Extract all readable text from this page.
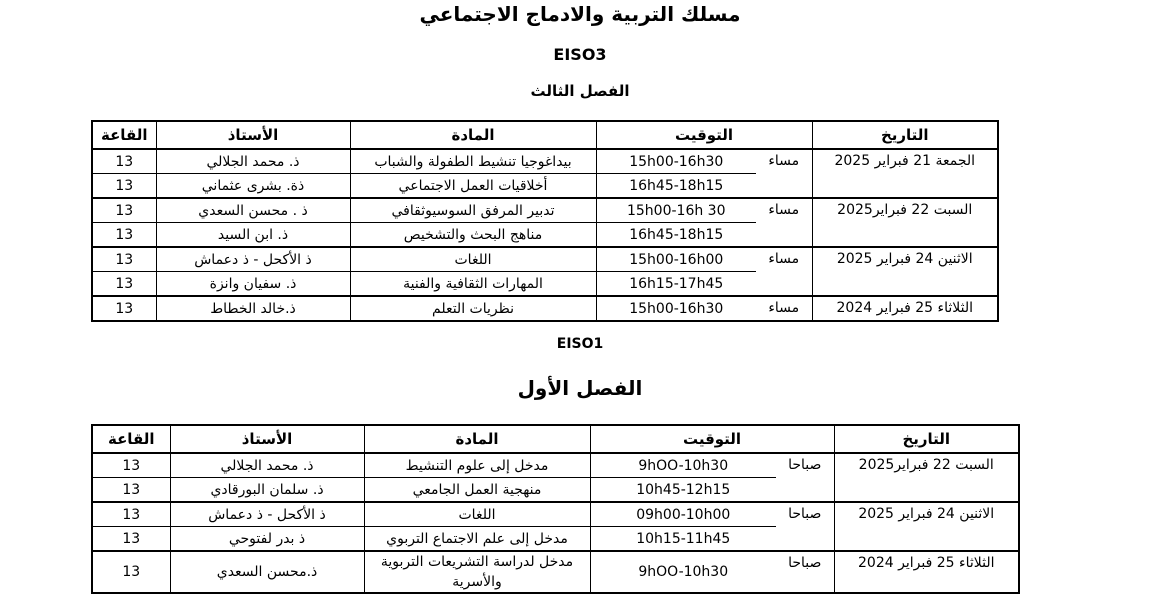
مسلك التربية والادماج الاجتماعي
EISO3
الفصل الثالث
التاريخ	التوقيت		المادة	الأستاذ	القاعة
الجمعة 21 فبراير 2025	مساء	15h00-16h30	بيداغوجيا تنشيط الطفولة والشباب	ذ. محمد الجلالي	13
		16h45-18h15	أخلاقيات العمل الاجتماعي	ذة. بشرى عثماني	13
السبت 22 فبراير2025	مساء	15h00-16h 30	تدبير المرفق السوسيوثقافي	ذ . محسن السعدي	13
		16h45-18h15	مناهج البحث والتشخيص	ذ. ابن السيد	13
الاثنين 24 فبراير 2025	مساء	15h00-16h00	اللغات	ذ الأكحل - ذ دعماش	13
		16h15-17h45	المهارات الثقافية والفنية	ذ. سفيان وانزة	13
الثلاثاء 25 فبراير 2024	مساء	15h00-16h30	نظريات التعلم	ذ.خالد الخطاط	13
EISO1
الفصل الأول
التاريخ	التوقيت		المادة	الأستاذ	القاعة
السبت 22 فبراير2025	صباحا	9hOO-10h30	مدخل إلى علوم التنشيط	ذ. محمد الجلالي	13
		10h45-12h15	منهجية العمل الجامعي	ذ. سلمان البورقادي	13
الاثنين 24 فبراير 2025	صباحا	09h00-10h00	اللغات	ذ الأكحل - ذ دعماش	13
		10h15-11h45	مدخل إلى علم الاجتماع التربوي	ذ بدر لفتوحي	13
الثلاثاء 25 فبراير 2024	صباحا	9hOO-10h30	مدخل لدراسة التشريعات التربوية والأسرية	ذ.محسن السعدي	13
